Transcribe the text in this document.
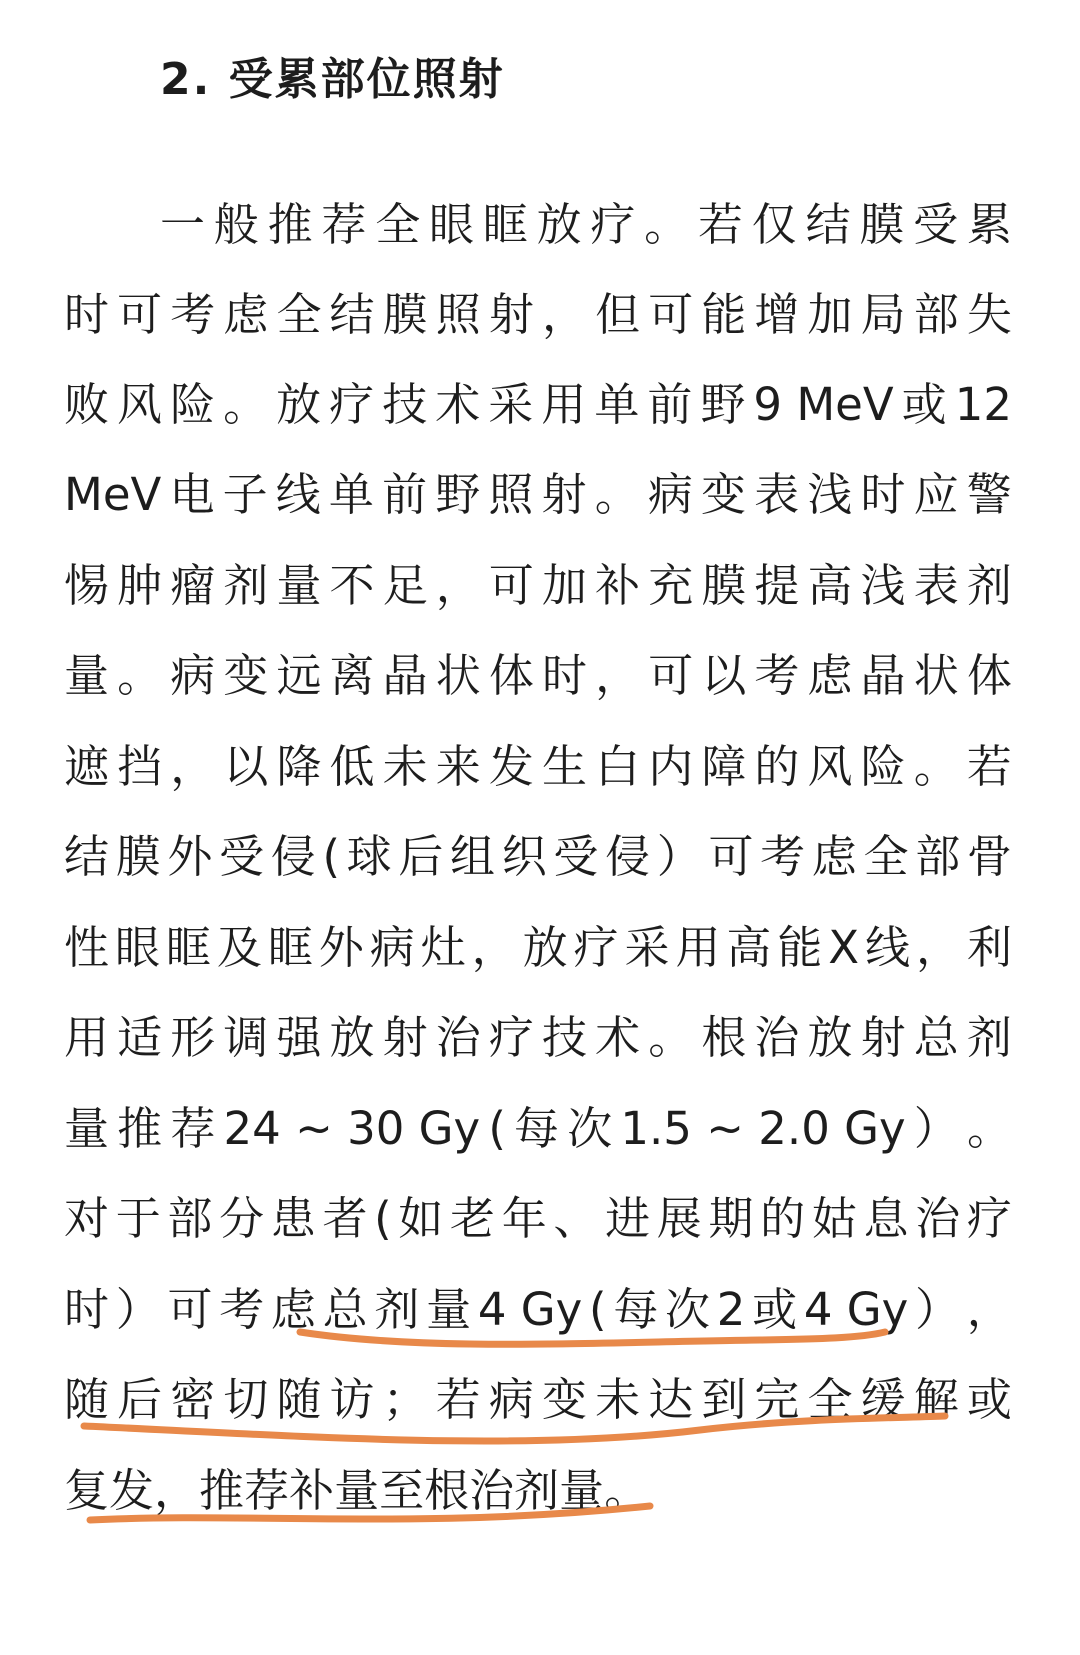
2. 受累部位照射
一 般 推 荐 全 眼 眶 放 疗 。 若 仅 结 膜 受 累
时 可 考 虑 全 结 膜 照 射 ， 但 可 能 增 加 局 部 失
败 风 险 。 放 疗 技 术 采 用 单 前 野 9 MeV 或 12
MeV 电 子 线 单 前 野 照 射 。 病 变 表 浅 时 应 警
惕 肿 瘤 剂 量 不 足 ， 可 加 补 充 膜 提 高 浅 表 剂
量 。 病 变 远 离 晶 状 体 时 ， 可 以 考 虑 晶 状 体
遮 挡 ， 以 降 低 未 来 发 生 白 内 障 的 风 险 。 若
结 膜 外 受 侵 ( 球 后 组 织 受 侵 ） 可 考 虑 全 部 骨
性 眼 眶 及 眶 外 病 灶 ， 放 疗 采 用 高 能 X 线 ， 利
用 适 形 调 强 放 射 治 疗 技 术 。 根 治 放 射 总 剂
量 推 荐 24 ~ 30 Gy ( 每 次 1.5 ~ 2.0 Gy ） 。
对 于 部 分 患 者 ( 如 老 年 、 进 展 期 的 姑 息 治 疗
时 ） 可 考 虑 总 剂 量 4 Gy ( 每 次 2 或 4 Gy ） ，
随 后 密 切 随 访 ； 若 病 变 未 达 到 完 全 缓 解 或
复 发 ， 推 荐 补 量 至 根 治 剂 量 。
